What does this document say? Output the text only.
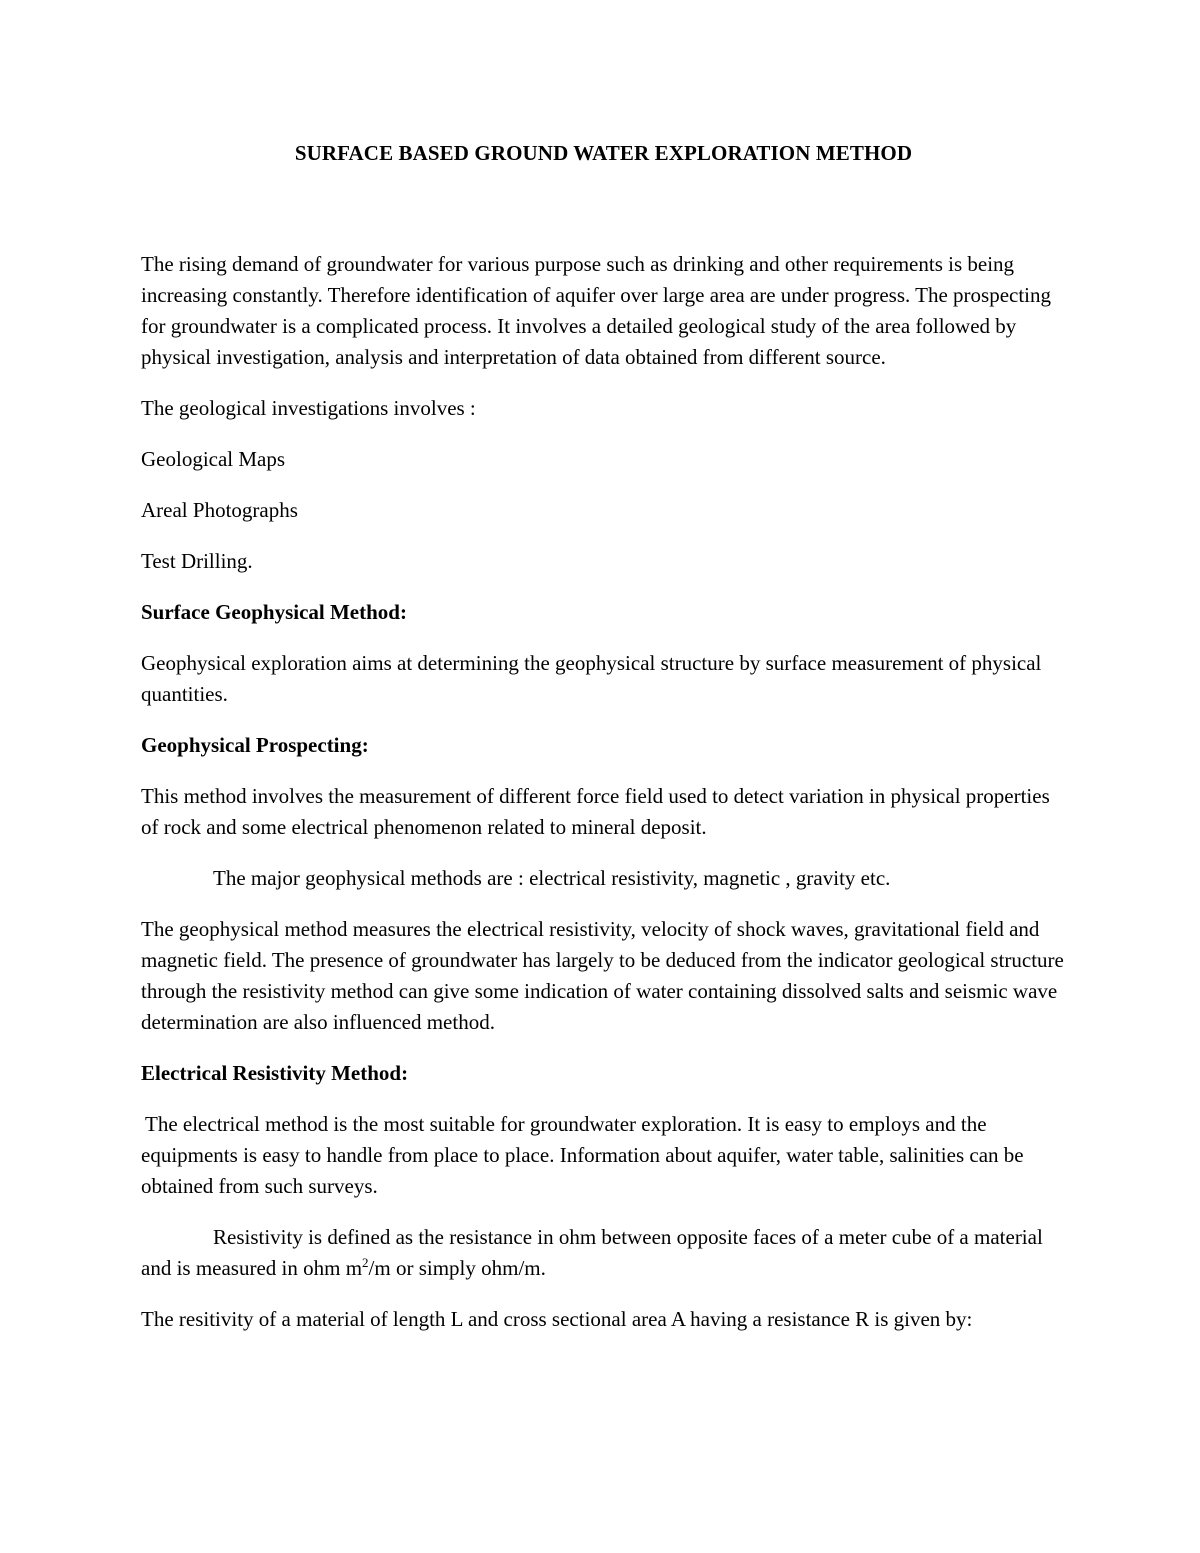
SURFACE BASED GROUND WATER EXPLORATION METHOD

The rising demand of groundwater for various purpose such as drinking and other requirements is being increasing constantly. Therefore identification of aquifer over large area are under progress. The prospecting for groundwater is a complicated process. It involves a detailed geological study of the area followed by physical investigation, analysis and interpretation of data obtained from different source.

The geological investigations involves :

Geological Maps

Areal Photographs

Test Drilling.

Surface Geophysical Method:

Geophysical exploration aims at determining the geophysical structure by surface measurement of physical quantities.

Geophysical Prospecting:

This method involves the measurement of different force field used to detect variation in physical properties of rock and some electrical phenomenon related to mineral deposit.

The major geophysical methods are : electrical resistivity, magnetic , gravity etc.

The geophysical method measures the electrical resistivity, velocity of shock waves, gravitational field and magnetic field. The presence of groundwater has largely to be deduced from the indicator geological structure through the resistivity method can give some indication of water containing dissolved salts and seismic wave determination are also influenced method.

Electrical Resistivity Method:

The electrical method is the most suitable for groundwater exploration. It is easy to employs and the equipments is easy to handle from place to place. Information about aquifer, water table, salinities can be obtained from such surveys.

Resistivity is defined as the resistance in ohm between opposite faces of a meter cube of a material and is measured in ohm $m^2/m$ or simply ohm/m.

The resitivity of a material of length L and cross sectional area A having a resistance R is given by:
